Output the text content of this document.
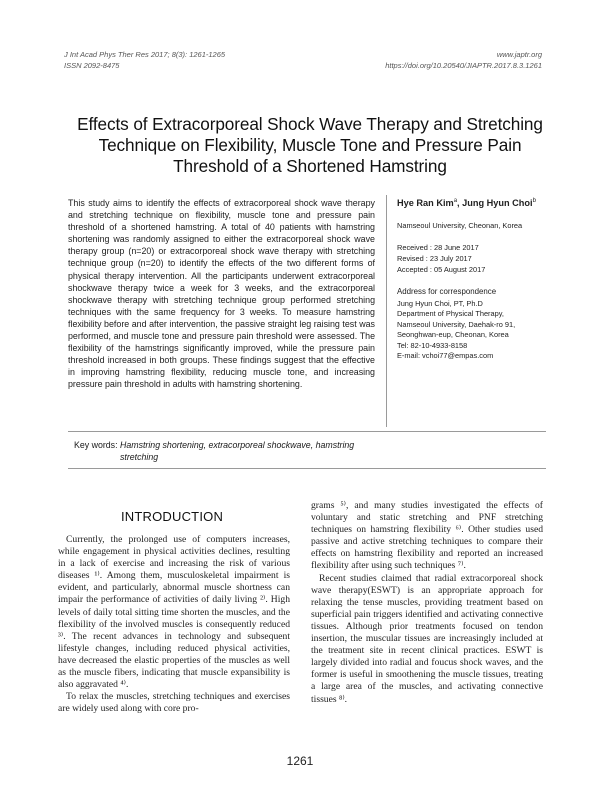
J Int Acad Phys Ther Res 2017; 8(3): 1261-1265
ISSN 2092-8475
www.japtr.org
https://doi.org/10.20540/JIAPTR.2017.8.3.1261
Effects of Extracorporeal Shock Wave Therapy and Stretching Technique on Flexibility, Muscle Tone and Pressure Pain Threshold of a Shortened Hamstring
This study aims to identify the effects of extracorporeal shock wave therapy and stretching technique on flexibility, muscle tone and pressure pain threshold of a shortened hamstring. A total of 40 patients with hamstring shortening was randomly assigned to either the extracorporeal shock wave therapy group (n=20) or extracorporeal shock wave therapy with stretching technique group (n=20) to identify the effects of the two different forms of physical therapy intervention. All the participants underwent extracorporeal shockwave therapy twice a week for 3 weeks, and the extracorporeal shockwave therapy with stretching technique group performed stretching techniques with the same frequency for 3 weeks. To measure hamstring flexibility before and after intervention, the passive straight leg raising test was performed, and muscle tone and pressure pain threshold were assessed. The flexibility of the hamstrings significantly improved, while the pressure pain threshold increased in both groups. These findings suggest that the effective in improving hamstring flexibility, reducing muscle tone, and increasing pressure pain threshold in adults with hamstring shortening.
Hye Ran Kim$^a$, Jung Hyun Choi$^b$
Namseoul University, Cheonan, Korea
Received : 28 June 2017
Revised : 23 July 2017
Accepted : 05 August 2017
Address for correspondence
Jung Hyun Choi, PT, Ph.D
Department of Physical Therapy,
Namseoul University, Daehak-ro 91,
Seonghwan-eup, Cheonan, Korea
Tel: 82-10-4933-8158
E-mail: vchoi77@empas.com
Key words: Hamstring shortening, extracorporeal shockwave, hamstring stretching
INTRODUCTION

Currently, the prolonged use of computers increases, while engagement in physical activities declines, resulting in a lack of exercise and increasing the risk of various diseases ¹⁾. Among them, musculoskeletal impairment is evident, and particularly, abnormal muscle shortness can impair the performance of activities of daily living ²⁾. High levels of daily total sitting time shorten the muscles, and the flexibility of the involved muscles is consequently reduced ³⁾. The recent advances in technology and subsequent lifestyle changes, including reduced physical activities, have decreased the elastic properties of the muscles as well as the muscle fibers, indicating that muscle expansibility is also aggravated ⁴⁾.

To relax the muscles, stretching techniques and exercises are widely used along with core pro-

grams ⁵⁾, and many studies investigated the effects of voluntary and static stretching and PNF stretching techniques on hamstring flexibility ⁶⁾. Other studies used passive and active stretching techniques to compare their effects on hamstring flexibility and reported an increased flexibility after using such techniques ⁷⁾.

Recent studies claimed that radial extracorporeal shock wave therapy(ESWT) is an appropriate approach for relaxing the tense muscles, providing treatment based on superficial pain triggers identified and activating connective tissues. Although prior treatments focused on tendon insertion, the muscular tissues are increasingly included at the treatment site in recent clinical practices. ESWT is largely divided into radial and foucus shock waves, and the former is useful in smoothening the muscle tissues, treating a large area of the muscles, and activating connective tissues ⁸⁾.

1261
